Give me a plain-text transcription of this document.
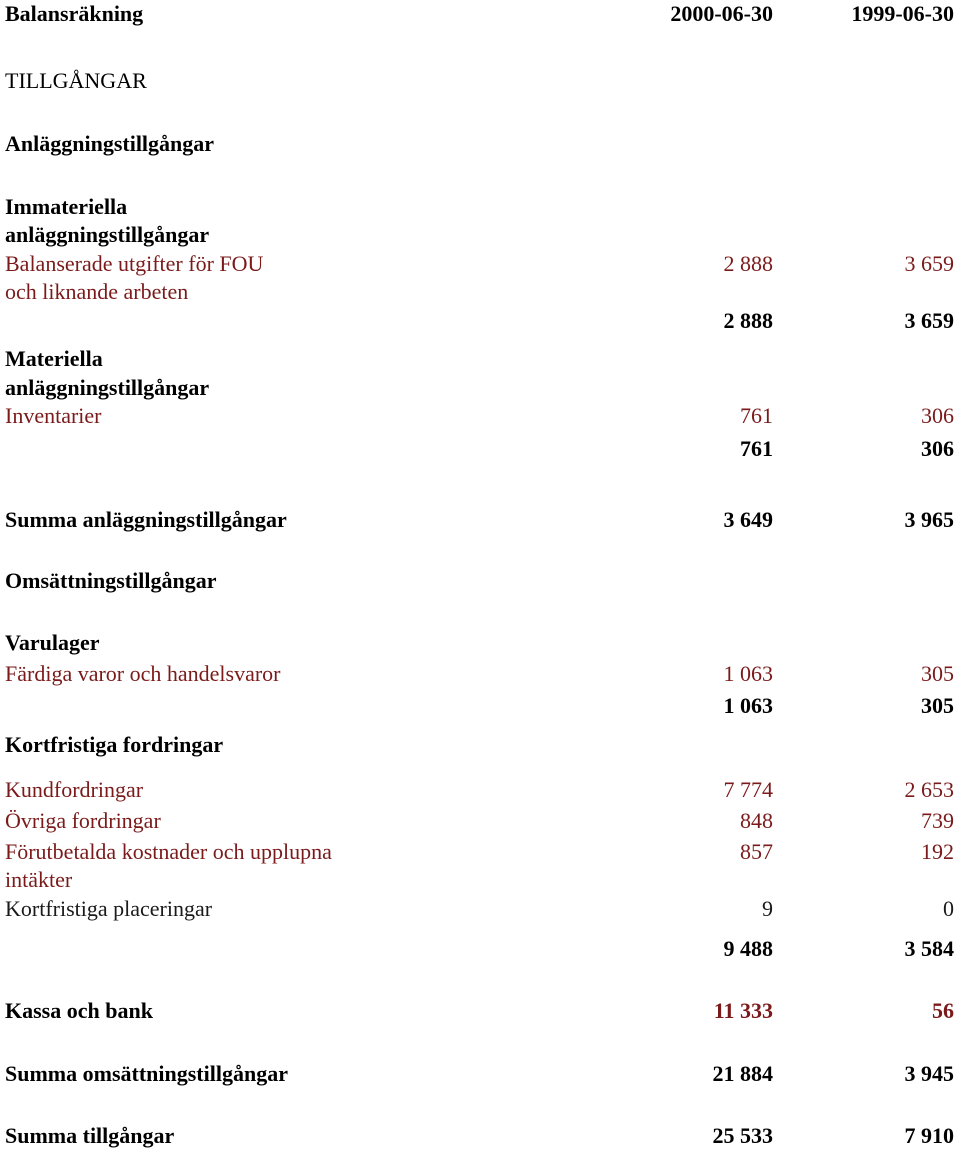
Balansräkning	2000-06-30	1999-06-30
TILLGÅNGAR
Anläggningstillgångar
Immateriella
anläggningstillgångar
Balanserade utgifter för FOU	2 888	3 659
och liknande arbeten
2 888	3 659
Materiella
anläggningstillgångar
Inventarier	761	306
761	306
Summa anläggningstillgångar	3 649	3 965
Omsättningstillgångar
Varulager
Färdiga varor och handelsvaror	1 063	305
1 063	305
Kortfristiga fordringar
Kundfordringar	7 774	2 653
Övriga fordringar	848	739
Förutbetalda kostnader och upplupna	857	192
intäkter
Kortfristiga placeringar	9	0
9 488	3 584
Kassa och bank	11 333	56
Summa omsättningstillgångar	21 884	3 945
Summa tillgångar	25 533	7 910
